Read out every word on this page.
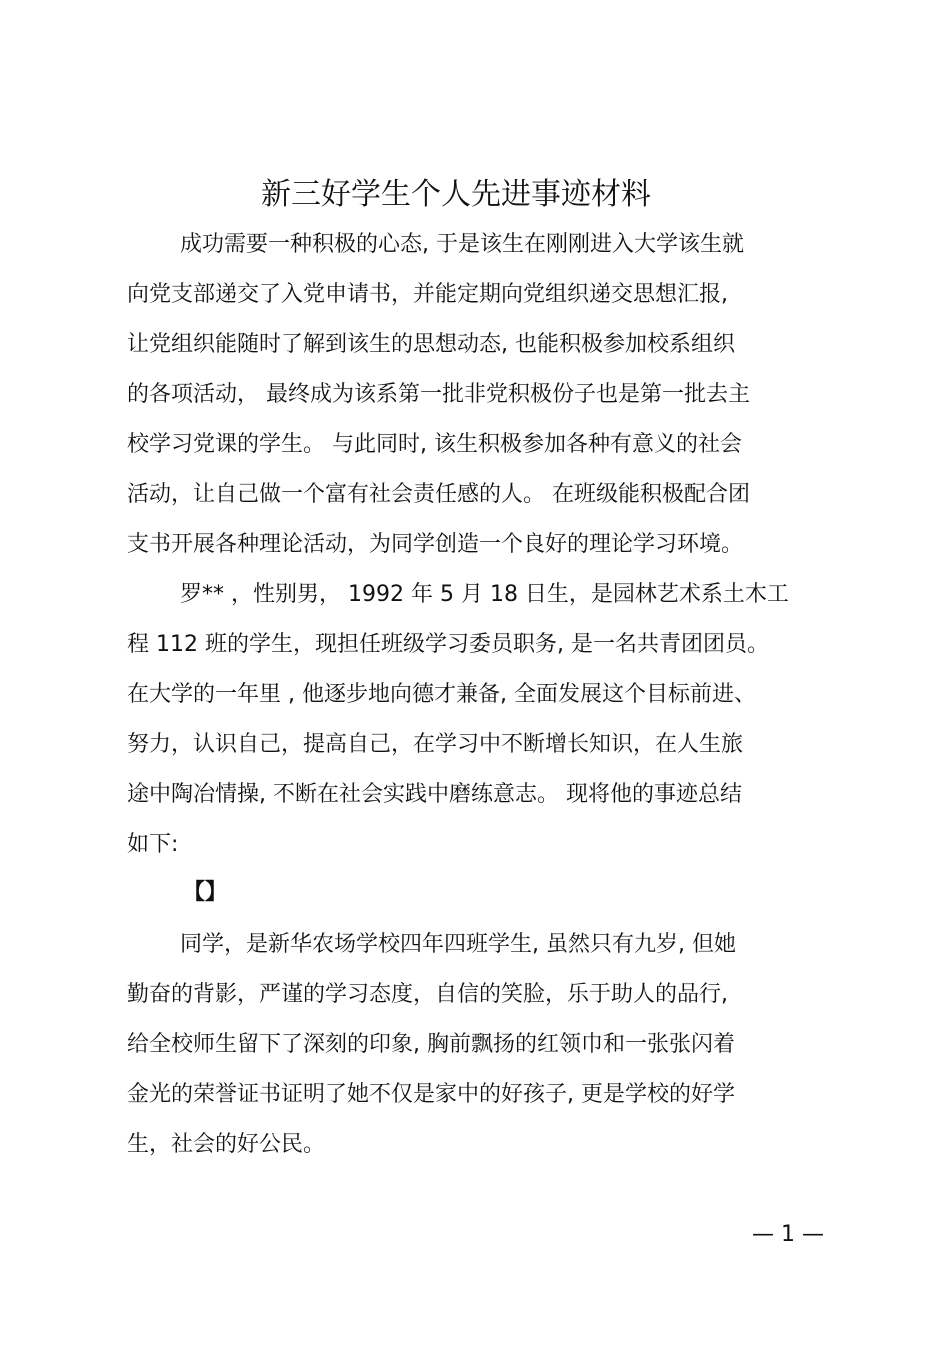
新三好学生个人先进事迹材料
成功需要一种积极的心态, 于是该生在刚刚进入大学该生就
向党支部递交了入党申请书，并能定期向党组织递交思想汇报,
让党组织能随时了解到该生的思想动态, 也能积极参加校系组织
的各项活动， 最终成为该系第一批非党积极份子也是第一批去主
校学习党课的学生。 与此同时, 该生积极参加各种有意义的社会
活动，让自己做一个富有社会责任感的人。 在班级能积极配合团
支书开展各种理论活动，为同学创造一个良好的理论学习环境。
罗** ，性别男， 1992 年 5 月 18 日生，是园林艺术系土木工
程 112 班的学生，现担任班级学习委员职务, 是一名共青团团员。
在大学的一年里 , 他逐步地向德才兼备, 全面发展这个目标前进、
努力，认识自己，提高自己，在学习中不断增长知识，在人生旅
途中陶冶情操, 不断在社会实践中磨练意志。 现将他的事迹总结
如下:
【】
同学，是新华农场学校四年四班学生, 虽然只有九岁, 但她
勤奋的背影，严谨的学习态度，自信的笑脸，乐于助人的品行,
给全校师生留下了深刻的印象, 胸前飘扬的红领巾和一张张闪着
金光的荣誉证书证明了她不仅是家中的好孩子, 更是学校的好学
生，社会的好公民。
— 1 —
